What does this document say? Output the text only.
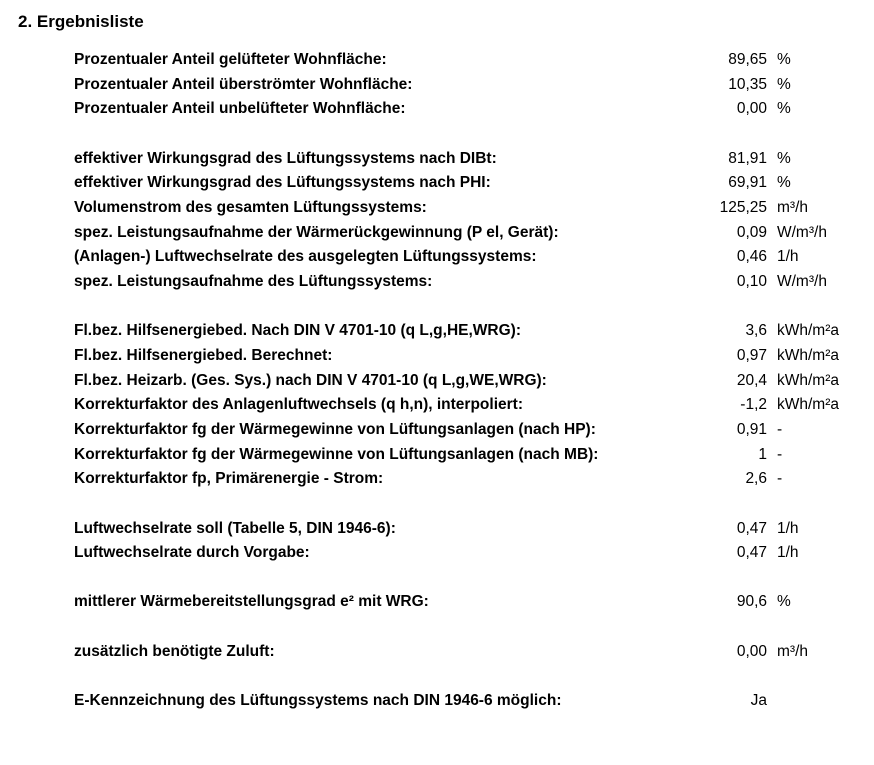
2. Ergebnisliste
Prozentualer Anteil gelüfteter Wohnfläche:	89,65 %
Prozentualer Anteil überströmter Wohnfläche:	10,35 %
Prozentualer Anteil unbelüfteter Wohnfläche:	0,00 %
effektiver Wirkungsgrad des Lüftungssystems nach DIBt:	81,91 %
effektiver Wirkungsgrad des Lüftungssystems nach PHI:	69,91 %
Volumenstrom des gesamten Lüftungssystems:	125,25 m³/h
spez. Leistungsaufnahme der Wärmerückgewinnung (P el, Gerät):	0,09 W/m³/h
(Anlagen-) Luftwechselrate des ausgelegten Lüftungssystems:	0,46 1/h
spez. Leistungsaufnahme des Lüftungssystems:	0,10 W/m³/h
Fl.bez. Hilfsenergiebed. Nach DIN V 4701-10 (q L,g,HE,WRG):	3,6 kWh/m²a
Fl.bez. Hilfsenergiebed. Berechnet:	0,97 kWh/m²a
Fl.bez. Heizarb. (Ges. Sys.) nach DIN V 4701-10 (q L,g,WE,WRG):	20,4 kWh/m²a
Korrekturfaktor des Anlagenluftwechsels (q h,n), interpoliert:	-1,2 kWh/m²a
Korrekturfaktor fg der Wärmegewinne von Lüftungsanlagen (nach HP):	0,91 -
Korrekturfaktor fg der Wärmegewinne von Lüftungsanlagen (nach MB):	1 -
Korrekturfaktor fp, Primärenergie - Strom:	2,6 -
Luftwechselrate soll (Tabelle 5, DIN 1946-6):	0,47 1/h
Luftwechselrate durch Vorgabe:	0,47 1/h
mittlerer Wärmebereitstellungsgrad e² mit WRG:	90,6 %
zusätzlich benötigte Zuluft:	0,00 m³/h
E-Kennzeichnung des Lüftungssystems nach DIN 1946-6 möglich:	Ja
